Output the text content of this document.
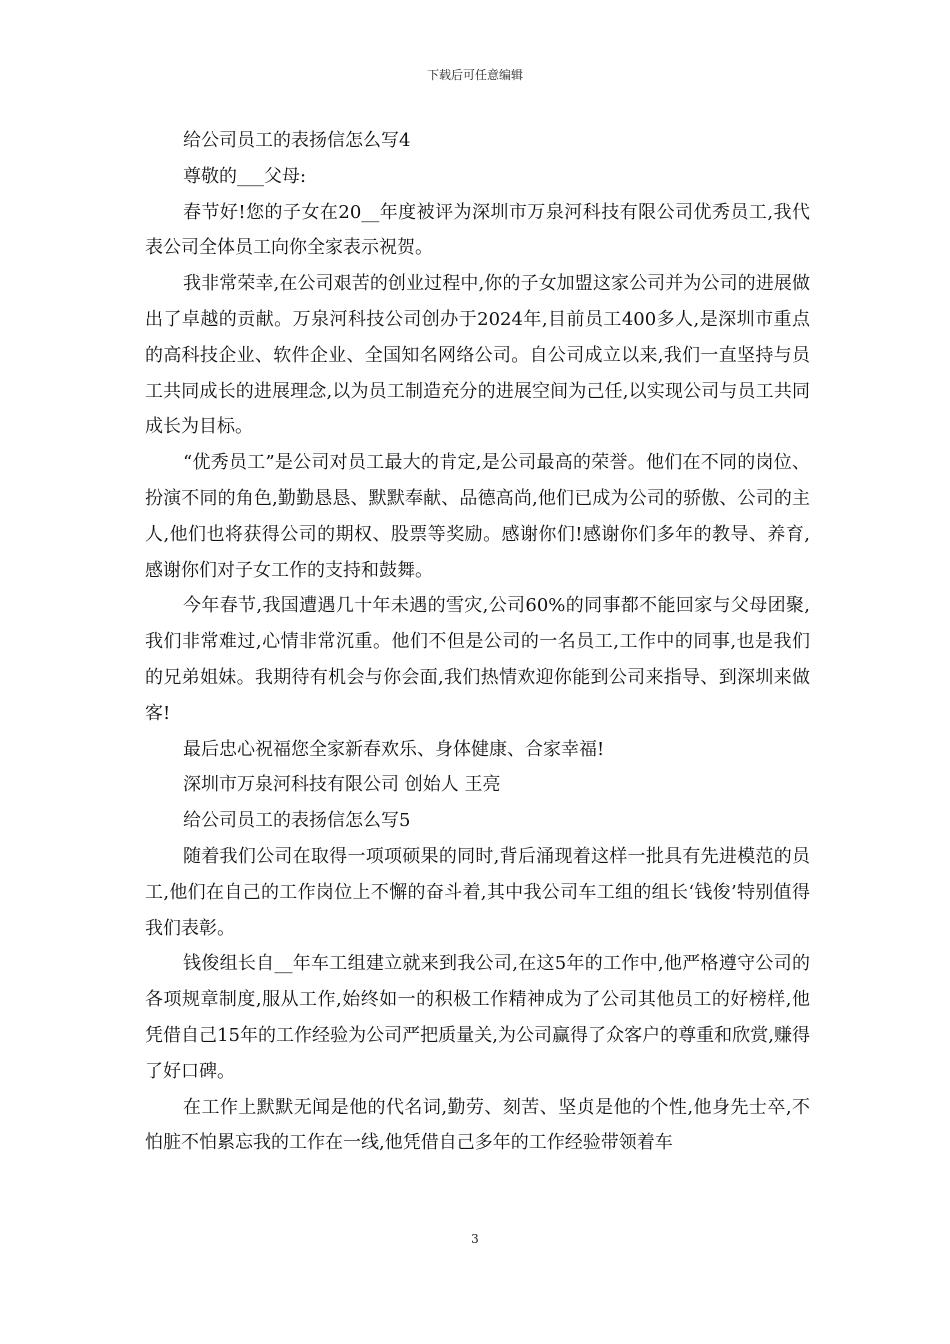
下载后可任意编辑

给公司员工的表扬信怎么写4

尊敬的___父母:

春节好!您的子女在20__年度被评为深圳市万泉河科技有限公司优秀员工,我代表公司全体员工向你全家表示祝贺。

我非常荣幸,在公司艰苦的创业过程中,你的子女加盟这家公司并为公司的进展做出了卓越的贡献。万泉河科技公司创办于2024年,目前员工400多人,是深圳市重点的高科技企业、软件企业、全国知名网络公司。自公司成立以来,我们一直坚持与员工共同成长的进展理念,以为员工制造充分的进展空间为己任,以实现公司与员工共同成长为目标。

“优秀员工”是公司对员工最大的肯定,是公司最高的荣誉。他们在不同的岗位、扮演不同的角色,勤勤恳恳、默默奉献、品德高尚,他们已成为公司的骄傲、公司的主人,他们也将获得公司的期权、股票等奖励。感谢你们!感谢你们多年的教导、养育,感谢你们对子女工作的支持和鼓舞。

今年春节,我国遭遇几十年未遇的雪灾,公司60%的同事都不能回家与父母团聚,我们非常难过,心情非常沉重。他们不但是公司的一名员工,工作中的同事,也是我们的兄弟姐妹。我期待有机会与你会面,我们热情欢迎你能到公司来指导、到深圳来做客!

最后忠心祝福您全家新春欢乐、身体健康、合家幸福!

深圳市万泉河科技有限公司 创始人 王亮

给公司员工的表扬信怎么写5

随着我们公司在取得一项项硕果的同时,背后涌现着这样一批具有先进模范的员工,他们在自己的工作岗位上不懈的奋斗着,其中我公司车工组的组长‘钱俊’特别值得我们表彰。

钱俊组长自__年车工组建立就来到我公司,在这5年的工作中,他严格遵守公司的各项规章制度,服从工作,始终如一的积极工作精神成为了公司其他员工的好榜样,他凭借自己15年的工作经验为公司严把质量关,为公司赢得了众客户的尊重和欣赏,赚得了好口碑。

在工作上默默无闻是他的代名词,勤劳、刻苦、坚贞是他的个性,他身先士卒,不怕脏不怕累忘我的工作在一线,他凭借自己多年的工作经验带领着车

3
